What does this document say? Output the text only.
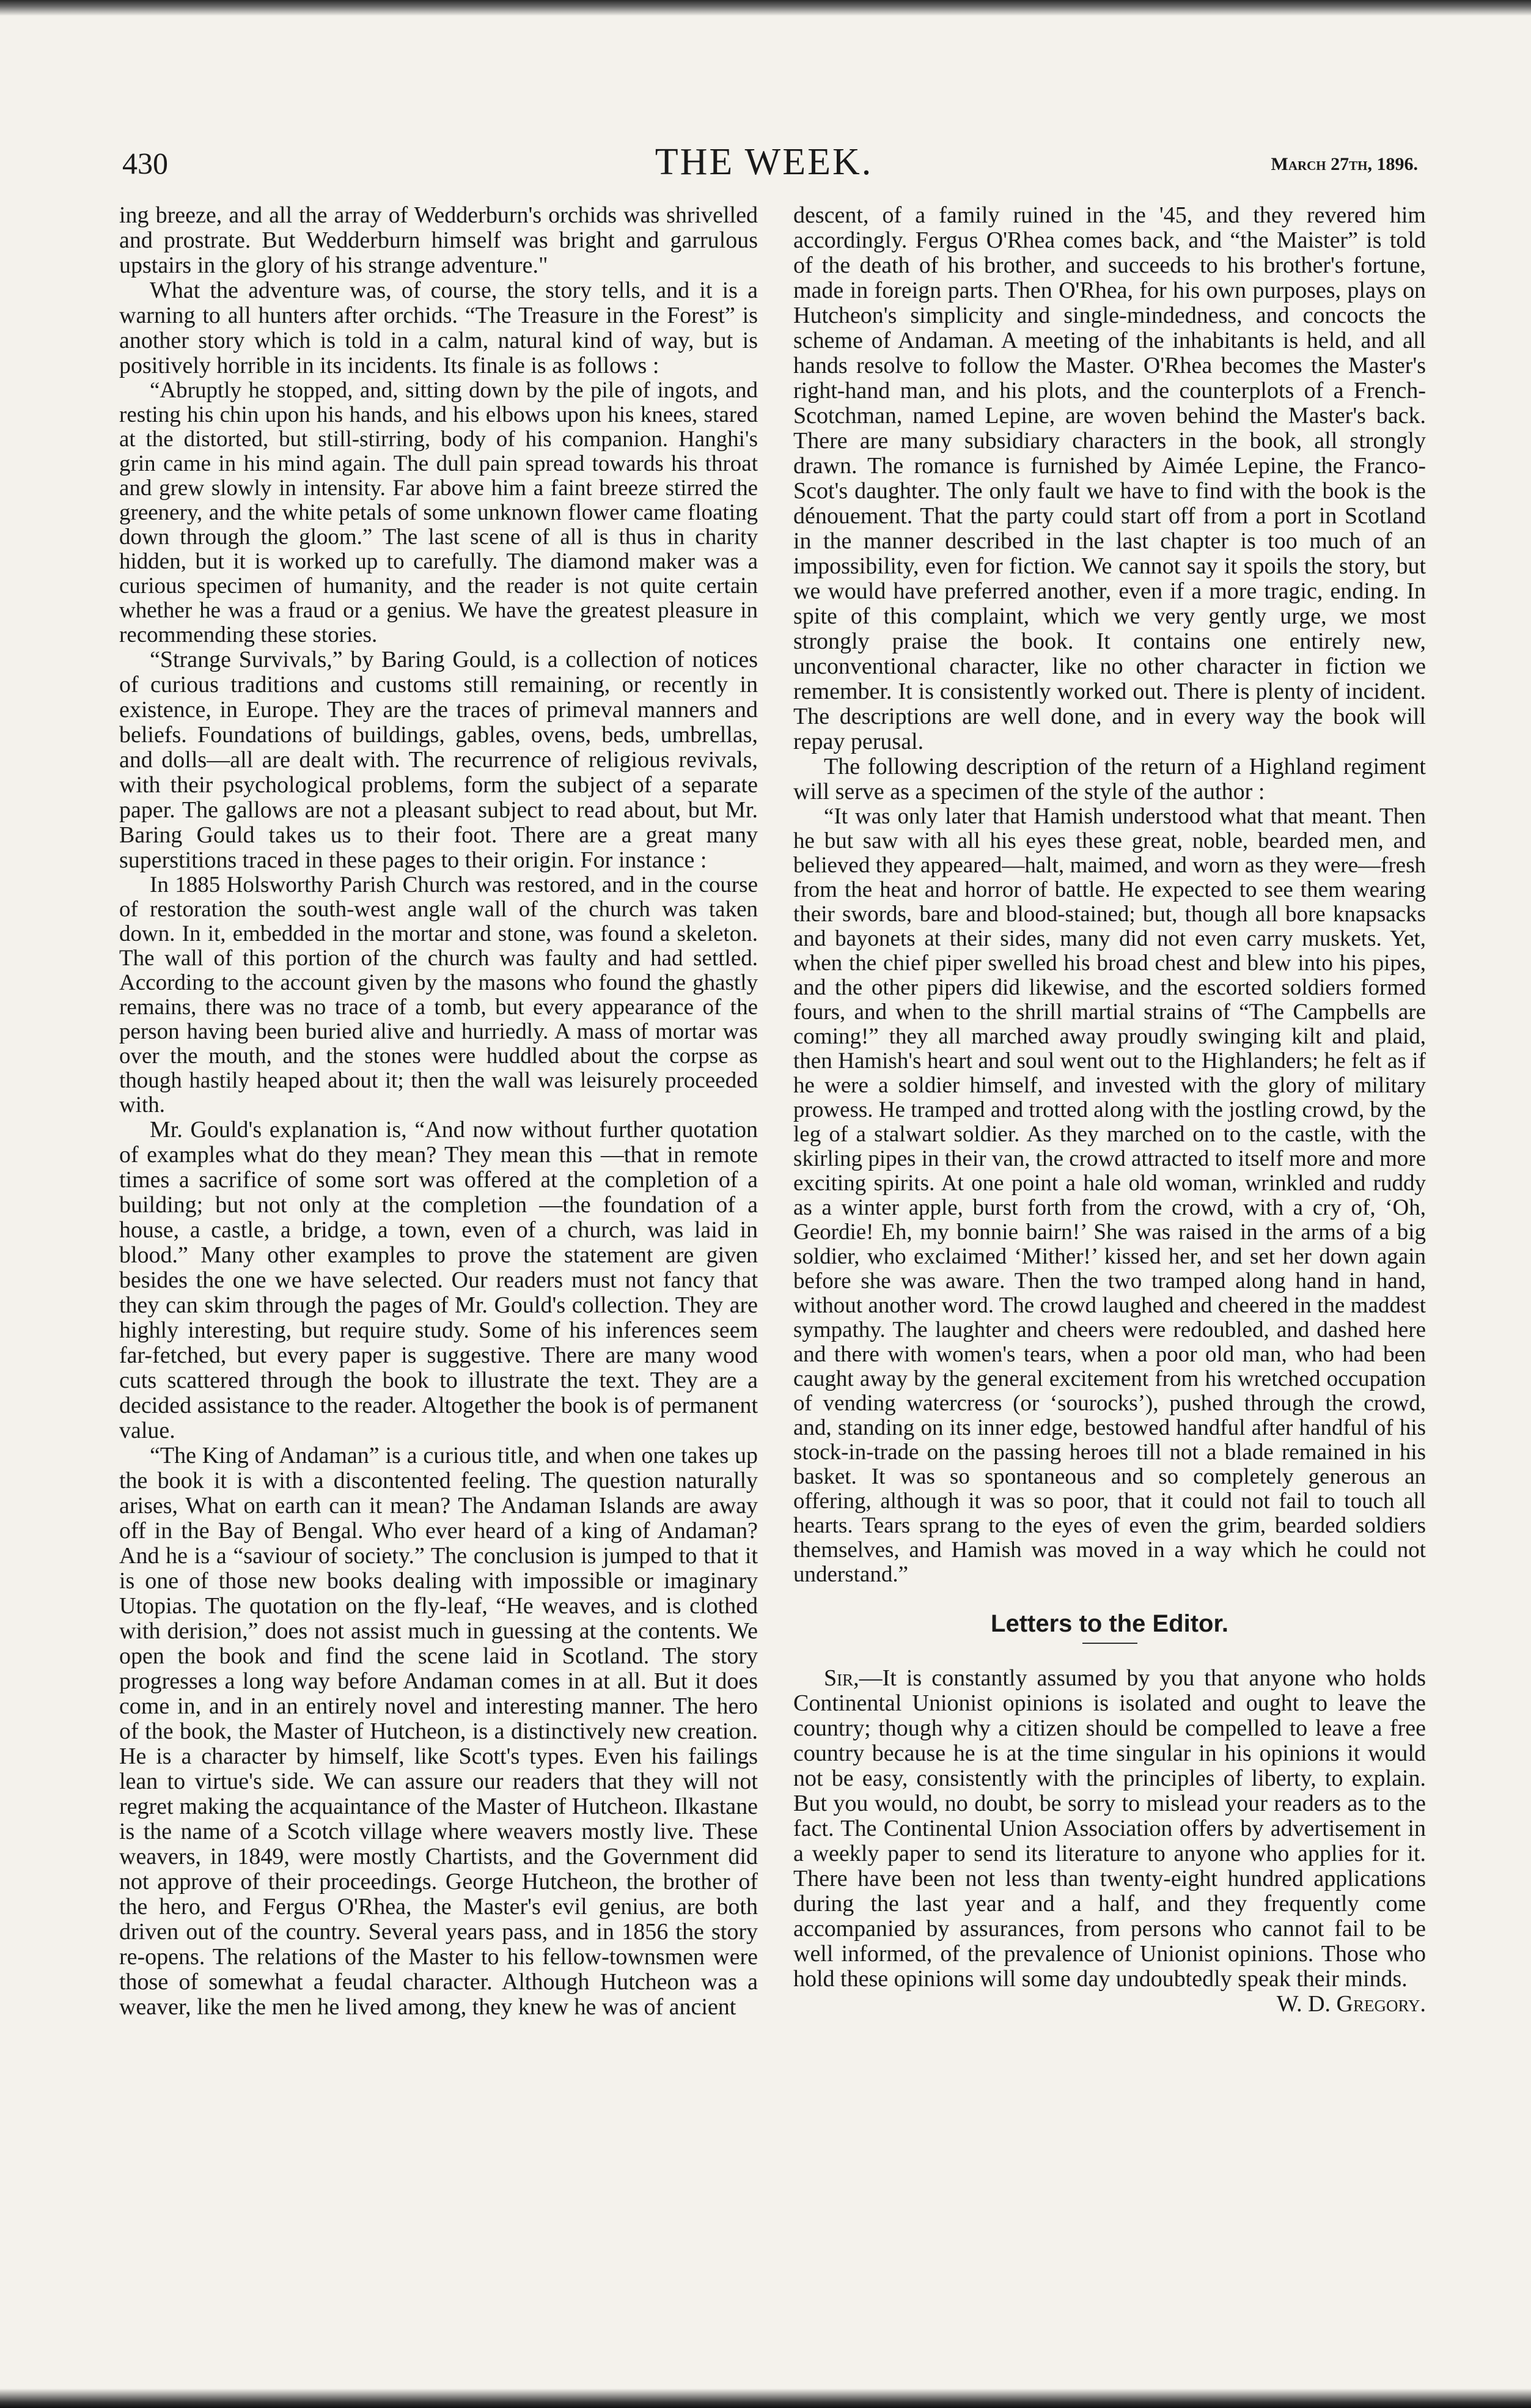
430	THE WEEK.	March 27th, 1896.

ing breeze, and all the array of Wedderburn's orchids was shrivelled and prostrate. But Wedderburn himself was bright and garrulous upstairs in the glory of his strange adventure."

What the adventure was, of course, the story tells, and it is a warning to all hunters after orchids. “The Treasure in the Forest” is another story which is told in a calm, natural kind of way, but is positively horrible in its incidents. Its finale is as follows :

“Abruptly he stopped, and, sitting down by the pile of ingots, and resting his chin upon his hands, and his elbows upon his knees, stared at the distorted, but still-stirring, body of his companion. Hanghi's grin came in his mind again. The dull pain spread towards his throat and grew slowly in intensity. Far above him a faint breeze stirred the greenery, and the white petals of some unknown flower came floating down through the gloom.” The last scene of all is thus in charity hidden, but it is worked up to carefully. The diamond maker was a curious specimen of humanity, and the reader is not quite certain whether he was a fraud or a genius. We have the greatest pleasure in recommending these stories.

“Strange Survivals,” by Baring Gould, is a collection of notices of curious traditions and customs still remaining, or recently in existence, in Europe. They are the traces of primeval manners and beliefs. Foundations of buildings, gables, ovens, beds, umbrellas, and dolls—all are dealt with. The recurrence of religious revivals, with their psychological problems, form the subject of a separate paper. The gallows are not a pleasant subject to read about, but Mr. Baring Gould takes us to their foot. There are a great many superstitions traced in these pages to their origin. For instance :

In 1885 Holsworthy Parish Church was restored, and in the course of restoration the south-west angle wall of the church was taken down. In it, embedded in the mortar and stone, was found a skeleton. The wall of this portion of the church was faulty and had settled. According to the account given by the masons who found the ghastly remains, there was no trace of a tomb, but every appearance of the person having been buried alive and hurriedly. A mass of mortar was over the mouth, and the stones were huddled about the corpse as though hastily heaped about it; then the wall was leisurely proceeded with.

Mr. Gould's explanation is, “And now without further quotation of examples what do they mean? They mean this —that in remote times a sacrifice of some sort was offered at the completion of a building; but not only at the completion —the foundation of a house, a castle, a bridge, a town, even of a church, was laid in blood.” Many other examples to prove the statement are given besides the one we have selected. Our readers must not fancy that they can skim through the pages of Mr. Gould's collection. They are highly interesting, but require study. Some of his inferences seem far-fetched, but every paper is suggestive. There are many wood cuts scattered through the book to illustrate the text. They are a decided assistance to the reader. Altogether the book is of permanent value.

“The King of Andaman” is a curious title, and when one takes up the book it is with a discontented feeling. The question naturally arises, What on earth can it mean? The Andaman Islands are away off in the Bay of Bengal. Who ever heard of a king of Andaman? And he is a “saviour of society.” The conclusion is jumped to that it is one of those new books dealing with impossible or imaginary Utopias. The quotation on the fly-leaf, “He weaves, and is clothed with derision,” does not assist much in guessing at the contents. We open the book and find the scene laid in Scotland. The story progresses a long way before Andaman comes in at all. But it does come in, and in an entirely novel and interesting manner. The hero of the book, the Master of Hutcheon, is a distinctively new creation. He is a character by himself, like Scott's types. Even his failings lean to virtue's side. We can assure our readers that they will not regret making the acquaintance of the Master of Hutcheon. Ilkastane is the name of a Scotch village where weavers mostly live. These weavers, in 1849, were mostly Chartists, and the Government did not approve of their proceedings. George Hutcheon, the brother of the hero, and Fergus O'Rhea, the Master's evil genius, are both driven out of the country. Several years pass, and in 1856 the story re-opens. The relations of the Master to his fellow-townsmen were those of somewhat a feudal character. Although Hutcheon was a weaver, like the men he lived among, they knew he was of ancient

descent, of a family ruined in the '45, and they revered him accordingly. Fergus O'Rhea comes back, and “the Maister” is told of the death of his brother, and succeeds to his brother's fortune, made in foreign parts. Then O'Rhea, for his own purposes, plays on Hutcheon's simplicity and single-mindedness, and concocts the scheme of Andaman. A meeting of the inhabitants is held, and all hands resolve to follow the Master. O'Rhea becomes the Master's right-hand man, and his plots, and the counterplots of a French-Scotchman, named Lepine, are woven behind the Master's back. There are many subsidiary characters in the book, all strongly drawn. The romance is furnished by Aimée Lepine, the Franco-Scot's daughter. The only fault we have to find with the book is the dénouement. That the party could start off from a port in Scotland in the manner described in the last chapter is too much of an impossibility, even for fiction. We cannot say it spoils the story, but we would have preferred another, even if a more tragic, ending. In spite of this complaint, which we very gently urge, we most strongly praise the book. It contains one entirely new, unconventional character, like no other character in fiction we remember. It is consistently worked out. There is plenty of incident. The descriptions are well done, and in every way the book will repay perusal.

The following description of the return of a Highland regiment will serve as a specimen of the style of the author :

“It was only later that Hamish understood what that meant. Then he but saw with all his eyes these great, noble, bearded men, and believed they appeared—halt, maimed, and worn as they were—fresh from the heat and horror of battle. He expected to see them wearing their swords, bare and blood-stained; but, though all bore knapsacks and bayonets at their sides, many did not even carry muskets. Yet, when the chief piper swelled his broad chest and blew into his pipes, and the other pipers did likewise, and the escorted soldiers formed fours, and when to the shrill martial strains of “The Campbells are coming!” they all marched away proudly swinging kilt and plaid, then Hamish's heart and soul went out to the Highlanders; he felt as if he were a soldier himself, and invested with the glory of military prowess. He tramped and trotted along with the jostling crowd, by the leg of a stalwart soldier. As they marched on to the castle, with the skirling pipes in their van, the crowd attracted to itself more and more exciting spirits. At one point a hale old woman, wrinkled and ruddy as a winter apple, burst forth from the crowd, with a cry of, ‘Oh, Geordie! Eh, my bonnie bairn!’ She was raised in the arms of a big soldier, who exclaimed ‘Mither!’ kissed her, and set her down again before she was aware. Then the two tramped along hand in hand, without another word. The crowd laughed and cheered in the maddest sympathy. The laughter and cheers were redoubled, and dashed here and there with women's tears, when a poor old man, who had been caught away by the general excitement from his wretched occupation of vending watercress (or ‘sourocks’), pushed through the crowd, and, standing on its inner edge, bestowed handful after handful of his stock-in-trade on the passing heroes till not a blade remained in his basket. It was so spontaneous and so completely generous an offering, although it was so poor, that it could not fail to touch all hearts. Tears sprang to the eyes of even the grim, bearded soldiers themselves, and Hamish was moved in a way which he could not understand.”

Letters to the Editor.

Sir,—It is constantly assumed by you that anyone who holds Continental Unionist opinions is isolated and ought to leave the country; though why a citizen should be compelled to leave a free country because he is at the time singular in his opinions it would not be easy, consistently with the principles of liberty, to explain. But you would, no doubt, be sorry to mislead your readers as to the fact. The Continental Union Association offers by advertisement in a weekly paper to send its literature to anyone who applies for it. There have been not less than twenty-eight hundred applications during the last year and a half, and they frequently come accompanied by assurances, from persons who cannot fail to be well informed, of the prevalence of Unionist opinions. Those who hold these opinions will some day undoubtedly speak their minds.

W. D. Gregory.
